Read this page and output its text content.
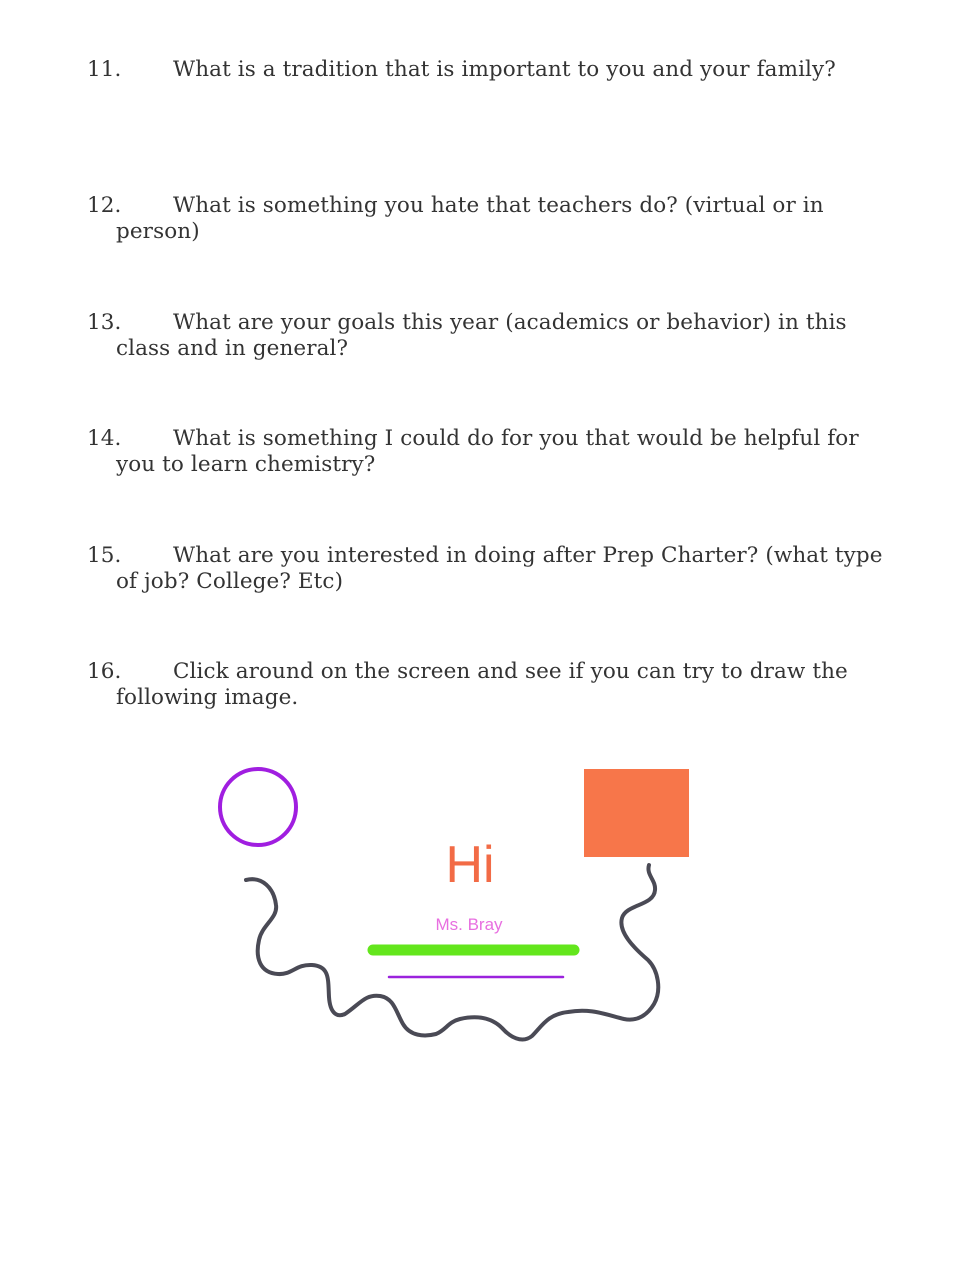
11. What is a tradition that is important to you and your family?
12. What is something you hate that teachers do? (virtual or in
person)
13. What are your goals this year (academics or behavior) in this
class and in general?
14. What is something I could do for you that would be helpful for
you to learn chemistry?
15. What are you interested in doing after Prep Charter? (what type
of job? College? Etc)
16. Click around on the screen and see if you can try to draw the
following image.
Hi
Ms. Bray
